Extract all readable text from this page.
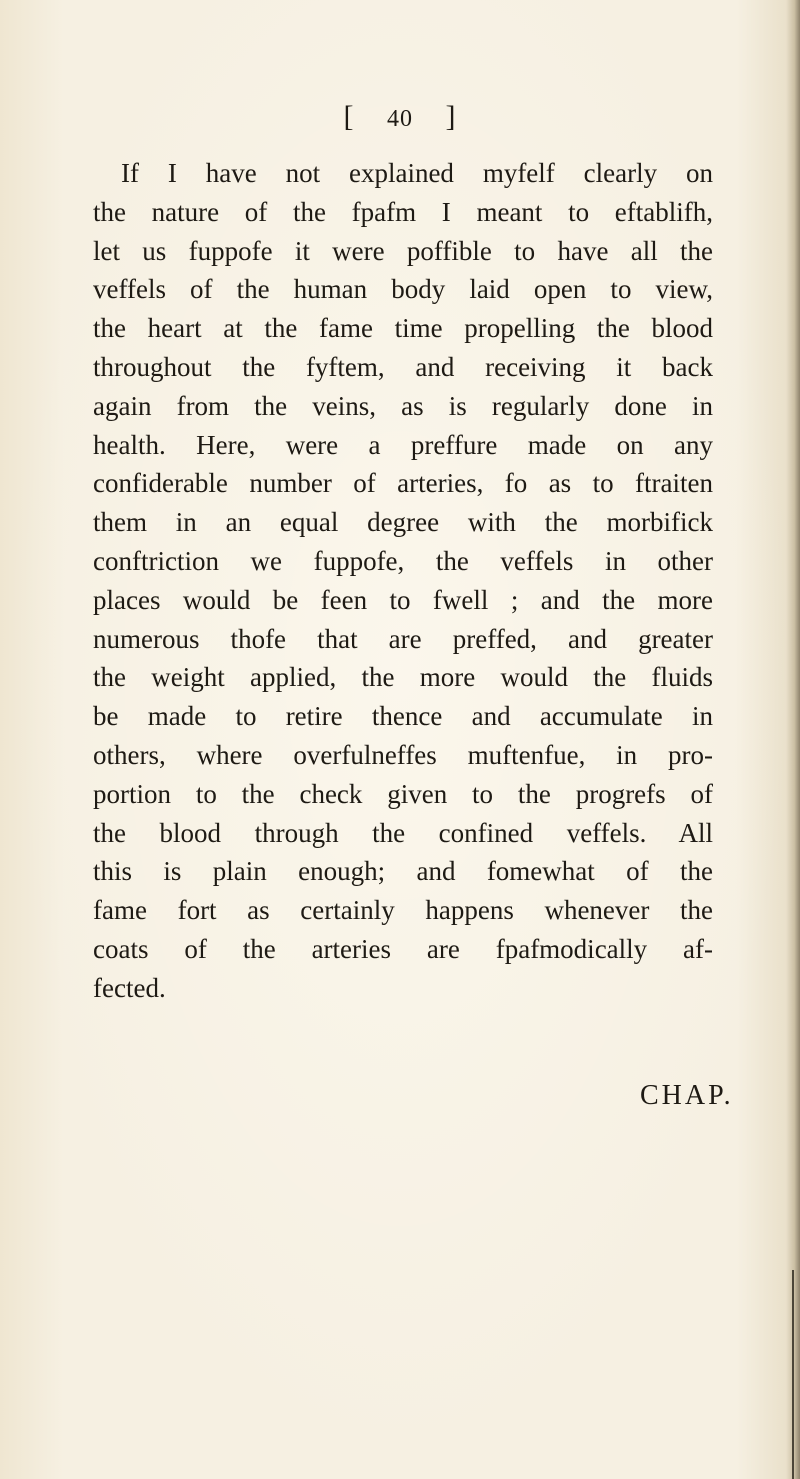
[ 40 ]

If I have not explained myfelf clearly on
the nature of the fpafm I meant to eftablifh,
let us fuppofe it were poffible to have all the
veffels of the human body laid open to view,
the heart at the fame time propelling the blood
throughout the fyftem, and receiving it back
again from the veins, as is regularly done in
health. Here, were a preffure made on any
confiderable number of arteries, fo as to ftraiten
them in an equal degree with the morbifick
conftriction we fuppofe, the veffels in other
places would be feen to fwell ; and the more
numerous thofe that are preffed, and greater
the weight applied, the more would the fluids
be made to retire thence and accumulate in
others, where overfulneffes muftenfue, in pro-
portion to the check given to the progrefs of
the blood through the confined veffels. All
this is plain enough; and fomewhat of the
fame fort as certainly happens whenever the
coats of the arteries are fpafmodically af-
fected.

CHAP.
